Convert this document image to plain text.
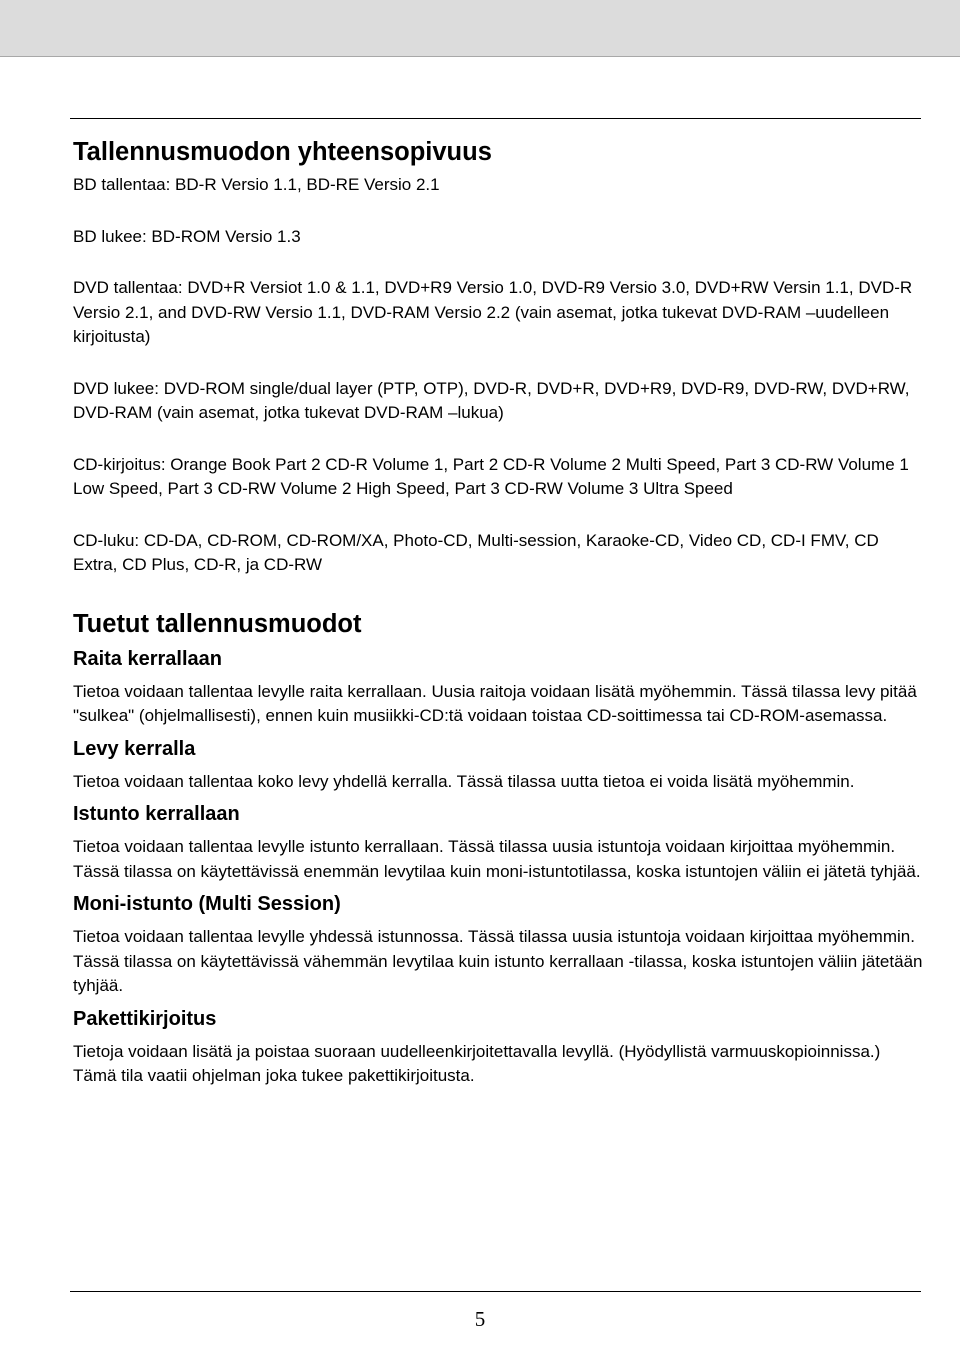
Tallennusmuodon yhteensopivuus

BD tallentaa: BD-R Versio 1.1, BD-RE Versio 2.1

BD lukee: BD-ROM Versio 1.3

DVD tallentaa: DVD+R Versiot 1.0 & 1.1, DVD+R9 Versio 1.0, DVD-R9 Versio 3.0, DVD+RW Versin 1.1, DVD-R Versio 2.1, and DVD-RW Versio 1.1, DVD-RAM Versio 2.2 (vain asemat, jotka tukevat DVD-RAM –uudelleen kirjoitusta)

DVD lukee: DVD-ROM single/dual layer (PTP, OTP), DVD-R, DVD+R, DVD+R9, DVD-R9, DVD-RW, DVD+RW, DVD-RAM (vain asemat, jotka tukevat DVD-RAM –lukua)

CD-kirjoitus: Orange Book Part 2 CD-R Volume 1, Part 2 CD-R Volume 2 Multi Speed, Part 3 CD-RW Volume 1 Low Speed, Part 3 CD-RW Volume 2 High Speed, Part 3 CD-RW Volume 3 Ultra Speed

CD-luku: CD-DA, CD-ROM, CD-ROM/XA, Photo-CD, Multi-session, Karaoke-CD, Video CD, CD-I FMV, CD Extra, CD Plus, CD-R, ja CD-RW

Tuetut tallennusmuodot
Raita kerrallaan

Tietoa voidaan tallentaa levylle raita kerrallaan. Uusia raitoja voidaan lisätä myöhemmin. Tässä tilassa levy pitää "sulkea" (ohjelmallisesti), ennen kuin musiikki-CD:tä voidaan toistaa CD-soittimessa tai CD-ROM-asemassa.

Levy kerralla

Tietoa voidaan tallentaa koko levy yhdellä kerralla. Tässä tilassa uutta tietoa ei voida lisätä myöhemmin.

Istunto kerrallaan

Tietoa voidaan tallentaa levylle istunto kerrallaan. Tässä tilassa uusia istuntoja voidaan kirjoittaa myöhemmin. Tässä tilassa on käytettävissä enemmän levytilaa kuin moni-istuntotilassa, koska istuntojen väliin ei jätetä tyhjää.

Moni-istunto (Multi Session)

Tietoa voidaan tallentaa levylle yhdessä istunnossa. Tässä tilassa uusia istuntoja voidaan kirjoittaa myöhemmin. Tässä tilassa on käytettävissä vähemmän levytilaa kuin istunto kerrallaan -tilassa, koska istuntojen väliin jätetään tyhjää.

Pakettikirjoitus

Tietoja voidaan lisätä ja poistaa suoraan uudelleenkirjoitettavalla levyllä. (Hyödyllistä varmuuskopioinnissa.) Tämä tila vaatii ohjelman joka tukee pakettikirjoitusta.

5
